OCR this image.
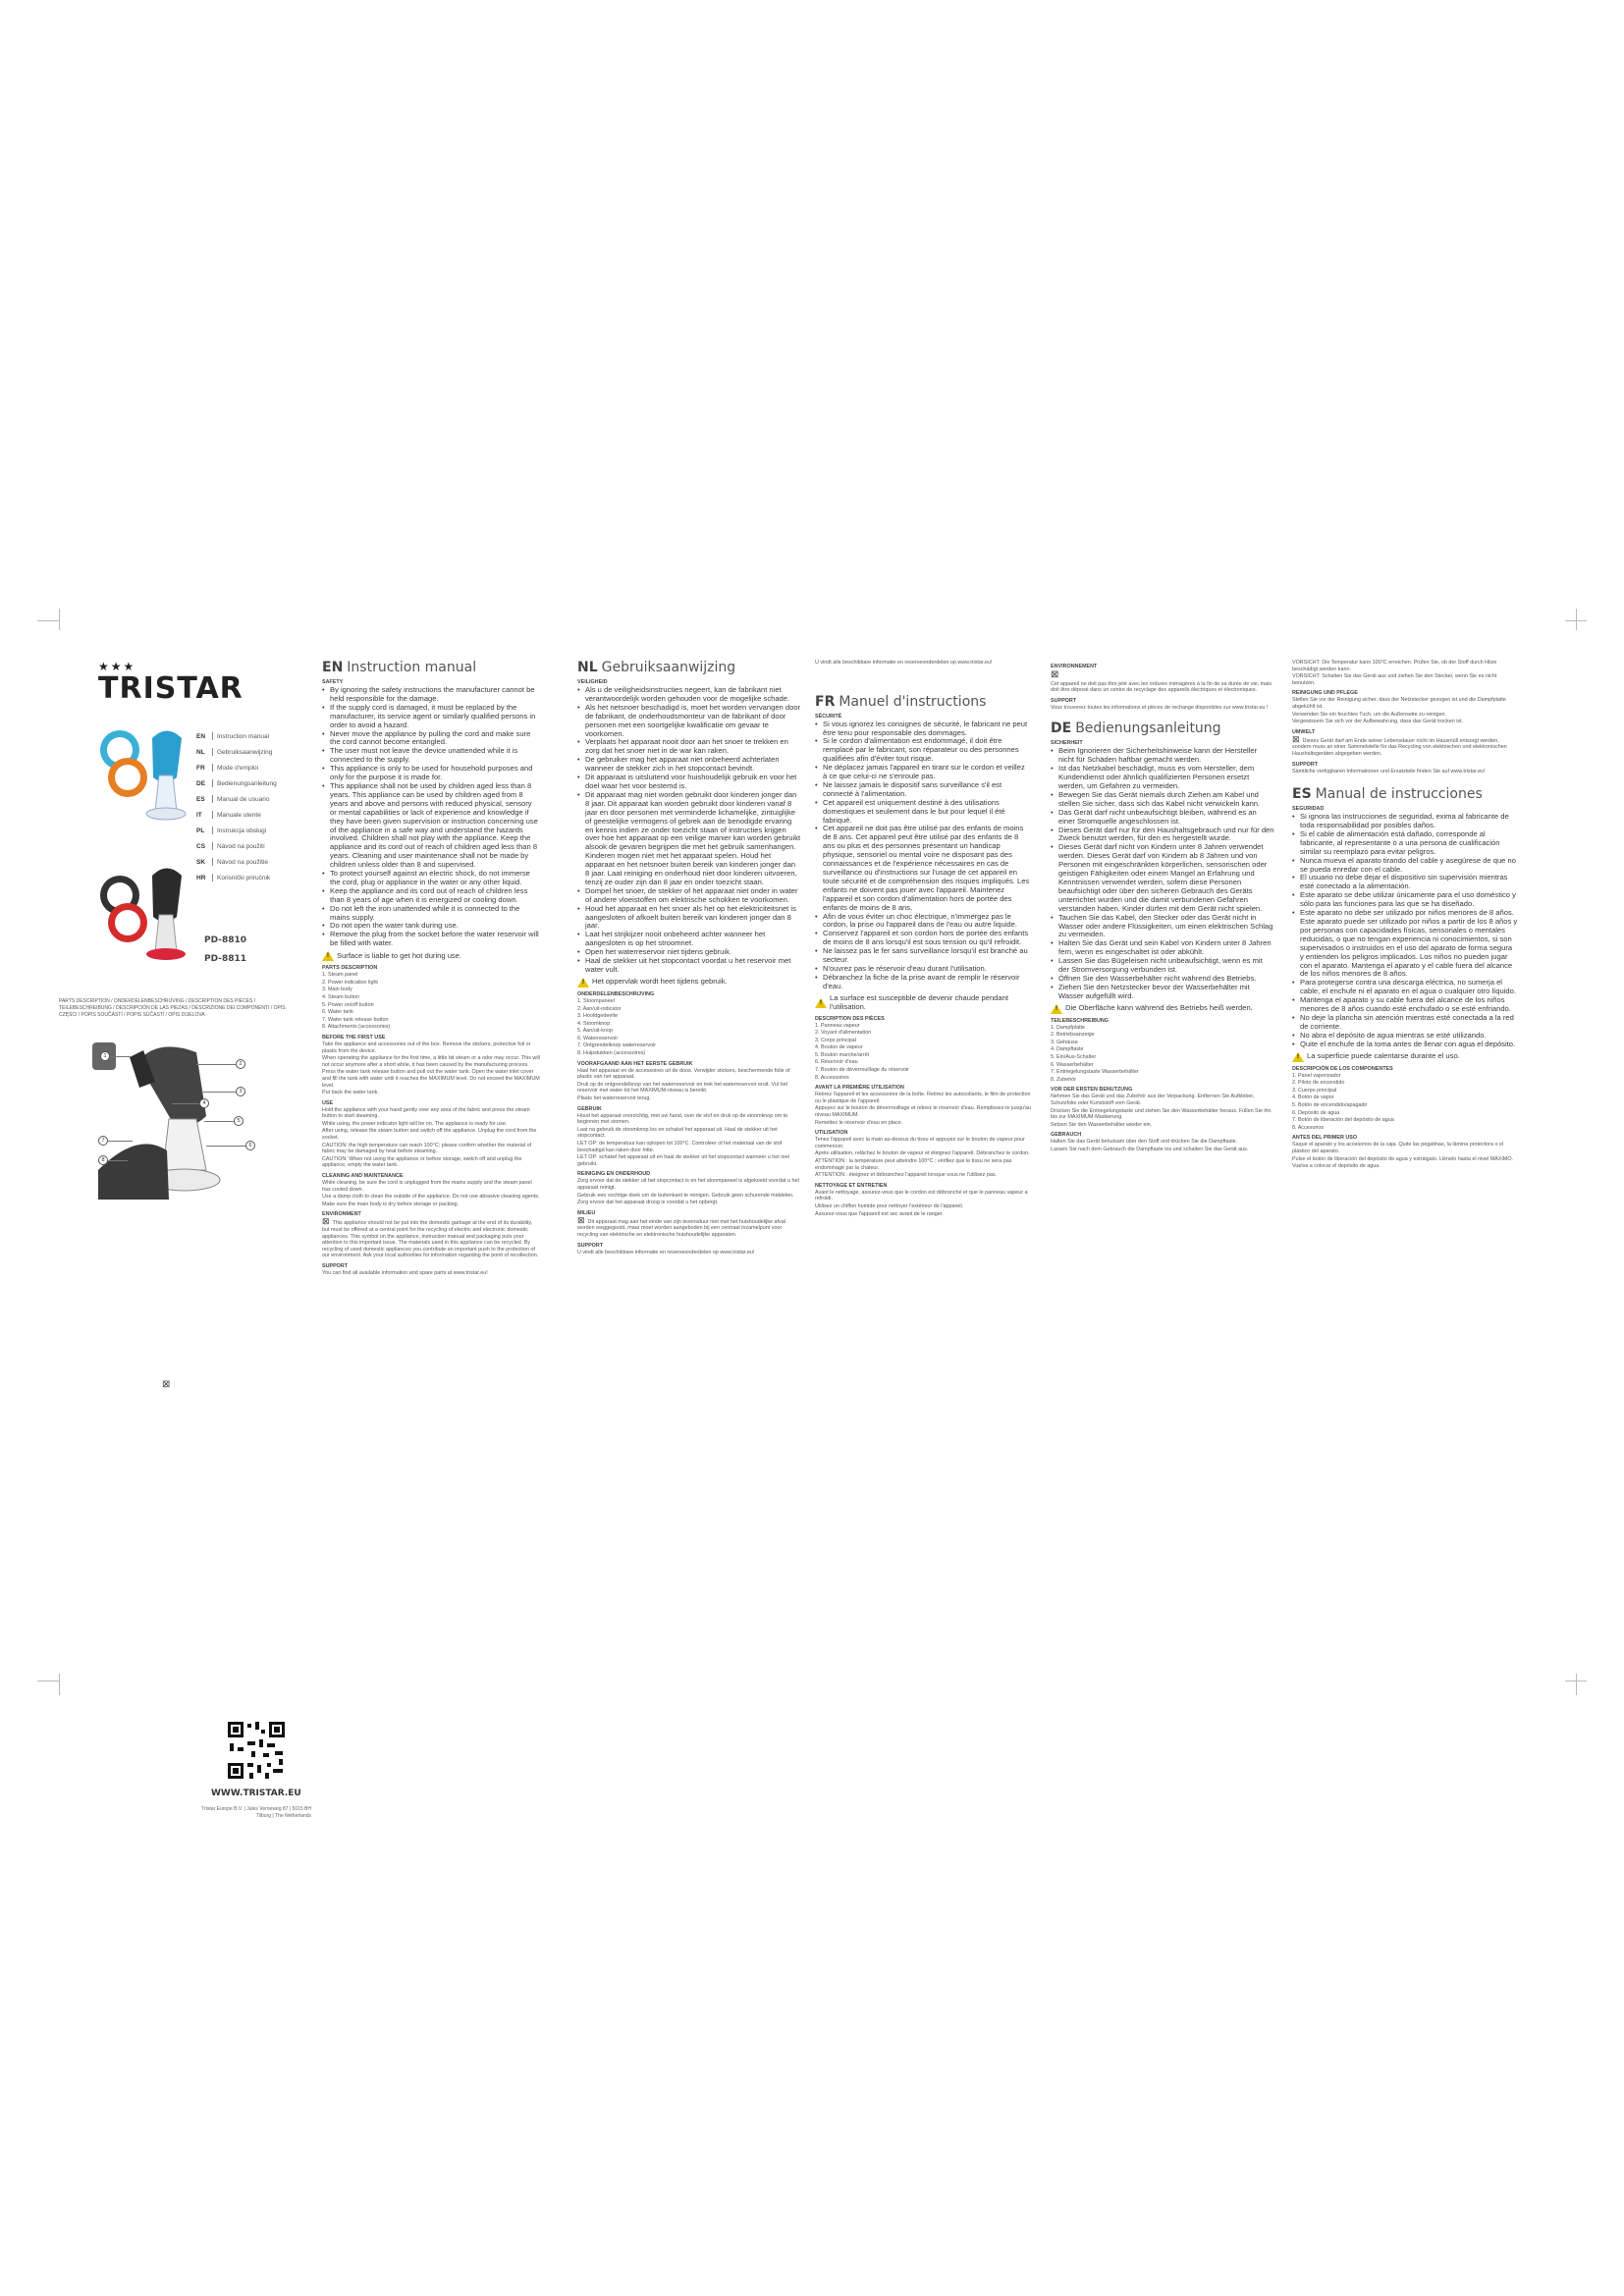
★★★
TRISTAR
EN	Instruction manual
NL	Gebruiksaanwijzing
FR	Mode d'emploi
DE	Bedienungsanleitung
ES	Manual de usuario
IT	Manuale utente
PL	Instrukcja obsługi
CS	Návod na použití
SK	Návod na použitie
HR	Korisnički priručnik
PD-8810
PD-8811
PARTS DESCRIPTION / ONDERDELENBESCHRIJVING / DESCRIPTION DES PIÈCES / TEILEBESCHREIBUNG / DESCRIPCIÓN DE LAS PIEZAS / DESCRIZIONE DEI COMPONENTI / OPIS CZĘŚCI / POPIS SOUČÁSTÍ / POPIS SÚČASTÍ / OPIS DIJELOVA
1
2
3
4
5
6
7
8
⊠
WWW.TRISTAR.EU
Tristar Europe B.V. | Jules Verneweg 87 | 5015 BH Tilburg | The Netherlands
EN Instruction manual
SAFETY
• By ignoring the safety instructions the manufacturer cannot be held responsible for the damage.
• If the supply cord is damaged, it must be replaced by the manufacturer, its service agent or similarly qualified persons in order to avoid a hazard.
• Never move the appliance by pulling the cord and make sure the cord cannot become entangled.
• The user must not leave the device unattended while it is connected to the supply.
• This appliance is only to be used for household purposes and only for the purpose it is made for.
• This appliance shall not be used by children aged less than 8 years. This appliance can be used by children aged from 8 years and above and persons with reduced physical, sensory or mental capabilities or lack of experience and knowledge if they have been given supervision or instruction concerning use of the appliance in a safe way and understand the hazards involved. Children shall not play with the appliance. Keep the appliance and its cord out of reach of children aged less than 8 years. Cleaning and user maintenance shall not be made by children unless older than 8 and supervised.
• To protect yourself against an electric shock, do not immerse the cord, plug or appliance in the water or any other liquid.
• Keep the appliance and its cord out of reach of children less than 8 years of age when it is energized or cooling down.
• Do not left the iron unattended while it is connected to the mains supply.
• Do not open the water tank during use.
• Remove the plug from the socket before the water reservoir will be filled with water.
!
Surface is liable to get hot during use.
PARTS DESCRIPTION

1. Steam panel

2. Power indication light

3. Main body

4. Steam button

5. Power on/off button

6. Water tank

7. Water tank release button

8. Attachments (accessories)

BEFORE THE FIRST USE

Take the appliance and accessories out of the box. Remove the stickers, protective foil or plastic from the device.

When operating the appliance for the first time, a little bit steam or a odor may occur. This will not occur anymore after a short while, it has been caused by the manufacturing process.

Press the water tank release button and pull out the water tank. Open the water inlet cover and fill the tank with water until it reaches the MAXIMUM level. Do not exceed the MAXIMUM level.

Put back the water tank.

USE

Hold the appliance with your hand gently over any area of the fabric and press the steam button to start steaming.

While using, the power indicator light will be on. The appliance is ready for use.

After using, release the steam button and switch off the appliance. Unplug the cord from the socket.

CAUTION: the high temperature can reach 100°C; please confirm whether the material of fabric may be damaged by heat before steaming.

CAUTION: When not using the appliance or before storage, switch off and unplug the appliance, empty the water tank.

CLEANING AND MAINTENANCE

While cleaning, be sure the cord is unplugged from the mains supply and the steam panel has cooled down.

Use a damp cloth to clean the outside of the appliance. Do not use abrasive cleaning agents.

Make sure the main body is dry before storage or packing.

ENVIRONMENT

⊠ This appliance should not be put into the domestic garbage at the end of its durability, but must be offered at a central point for the recycling of electric and electronic domestic appliances. This symbol on the appliance, instruction manual and packaging puts your attention to this important issue. The materials used in this appliance can be recycled. By recycling of used domestic appliances you contribute an important push to the protection of our environment. Ask your local authorities for information regarding the point of recollection.

SUPPORT

You can find all available information and spare parts at www.tristar.eu!

NL Gebruiksaanwijzing
VEILIGHEID
• Als u de veiligheidsinstructies negeert, kan de fabrikant niet verantwoordelijk worden gehouden voor de mogelijke schade.
• Als het netsnoer beschadigd is, moet het worden vervangen door de fabrikant, de onderhoudsmonteur van de fabrikant of door personen met een soortgelijke kwalificatie om gevaar te voorkomen.
• Verplaats het apparaat nooit door aan het snoer te trekken en zorg dat het snoer niet in de war kan raken.
• De gebruiker mag het apparaat niet onbeheerd achterlaten wanneer de stekker zich in het stopcontact bevindt.
• Dit apparaat is uitsluitend voor huishoudelijk gebruik en voor het doel waar het voor bestemd is.
• Dit apparaat mag niet worden gebruikt door kinderen jonger dan 8 jaar. Dit apparaat kan worden gebruikt door kinderen vanaf 8 jaar en door personen met verminderde lichamelijke, zintuiglijke of geestelijke vermogens of gebrek aan de benodigde ervaring en kennis indien ze onder toezicht staan of instructies krijgen over hoe het apparaat op een veilige manier kan worden gebruikt alsook de gevaren begrijpen die met het gebruik samenhangen. Kinderen mogen niet met het apparaat spelen. Houd het apparaat en het netsnoer buiten bereik van kinderen jonger dan 8 jaar. Laat reiniging en onderhoud niet door kinderen uitvoeren, tenzij ze ouder zijn dan 8 jaar en onder toezicht staan.
• Dompel het snoer, de stekker of het apparaat niet onder in water of andere vloeistoffen om elektrische schokken te voorkomen.
• Houd het apparaat en het snoer als het op het elektriciteitsnet is aangesloten of afkoelt buiten bereik van kinderen jonger dan 8 jaar.
• Laat het strijkijzer nooit onbeheerd achter wanneer het aangesloten is op het stroomnet.
• Open het waterreservoir niet tijdens gebruik.
• Haal de stekker uit het stopcontact voordat u het reservoir met water vult.
!
Het oppervlak wordt heet tijdens gebruik.
ONDERDELENBESCHRIJVING

1. Stoompaneel

2. Aan/uit-indicator

3. Hoofdgedeelte

4. Stoomknop

5. Aan/uit-knop

6. Waterreservoir

7. Ontgrendelknop waterreservoir

8. Hulpstukken (accessoires)

VOORAFGAAND AAN HET EERSTE GEBRUIK

Haal het apparaat en de accessoires uit de doos. Verwijder stickers, beschermende folie of plastic van het apparaat.

Druk op de ontgrendelknop van het waterreservoir en trek het waterreservoir eruit. Vul het reservoir met water tot het MAXIMUM-niveau is bereikt.

Plaats het waterreservoir terug.

GEBRUIK

Houd het apparaat voorzichtig, met uw hand, over de stof en druk op de stoomknop om te beginnen met stomen.

Laat na gebruik de stoomknop los en schakel het apparaat uit. Haal de stekker uit het stopcontact.

LET OP: de temperatuur kan oplopen tot 100°C. Controleer of het materiaal van de stof beschadigd kan raken door hitte.

LET OP: schakel het apparaat uit en haal de stekker uit het stopcontact wanneer u het niet gebruikt.

REINIGING EN ONDERHOUD

Zorg ervoor dat de stekker uit het stopcontact is en het stoompaneel is afgekoeld voordat u het apparaat reinigt.

Gebruik een vochtige doek om de buitenkant te reinigen. Gebruik geen schurende middelen.

Zorg ervoor dat het apparaat droog is voordat u het opbergt.

MILIEU

⊠ Dit apparaat mag aan het einde van zijn levensduur niet met het huishoudelijke afval worden weggegooid, maar moet worden aangeboden bij een centraal inzamelpunt voor recycling van elektrische en elektronische huishoudelijke apparaten.

SUPPORT

U vindt alle beschikbare informatie en reserveonderdelen op www.tristar.eu!

U vindt alle beschikbare informatie en reserveonderdelen op www.tristar.eu!

FR Manuel d'instructions
SÉCURITÉ
• Si vous ignorez les consignes de sécurité, le fabricant ne peut être tenu pour responsable des dommages.
• Si le cordon d'alimentation est endommagé, il doit être remplacé par le fabricant, son réparateur ou des personnes qualifiées afin d'éviter tout risque.
• Ne déplacez jamais l'appareil en tirant sur le cordon et veillez à ce que celui-ci ne s'enroule pas.
• Ne laissez jamais le dispositif sans surveillance s'il est connecté à l'alimentation.
• Cet appareil est uniquement destiné à des utilisations domestiques et seulement dans le but pour lequel il été fabriqué.
• Cet appareil ne doit pas être utilisé par des enfants de moins de 8 ans. Cet appareil peut être utilisé par des enfants de 8 ans ou plus et des personnes présentant un handicap physique, sensoriel ou mental voire ne disposant pas des connaissances et de l'expérience nécessaires en cas de surveillance ou d'instructions sur l'usage de cet appareil en toute sécurité et de compréhension des risques impliqués. Les enfants ne doivent pas jouer avec l'appareil. Maintenez l'appareil et son cordon d'alimentation hors de portée des enfants de moins de 8 ans.
• Afin de vous éviter un choc électrique, n'immergez pas le cordon, la prise ou l'appareil dans de l'eau ou autre liquide.
• Conservez l'appareil et son cordon hors de portée des enfants de moins de 8 ans lorsqu'il est sous tension ou qu'il refroidit.
• Ne laissez pas le fer sans surveillance lorsqu'il est branché au secteur.
• N'ouvrez pas le réservoir d'eau durant l'utilisation.
• Débranchez la fiche de la prise avant de remplir le réservoir d'eau.
!
La surface est susceptible de devenir chaude pendant l'utilisation.
DESCRIPTION DES PIÈCES

1. Panneau vapeur

2. Voyant d'alimentation

3. Corps principal

4. Bouton de vapeur

5. Bouton marche/arrêt

6. Réservoir d'eau

7. Bouton de déverrouillage du réservoir

8. Accessoires

AVANT LA PREMIÈRE UTILISATION

Retirez l'appareil et les accessoires de la boîte. Retirez les autocollants, le film de protection ou le plastique de l'appareil.

Appuyez sur le bouton de déverrouillage et retirez le réservoir d'eau. Remplissez-le jusqu'au niveau MAXIMUM.

Remettez le réservoir d'eau en place.

UTILISATION

Tenez l'appareil avec la main au-dessus du tissu et appuyez sur le bouton de vapeur pour commencer.

Après utilisation, relâchez le bouton de vapeur et éteignez l'appareil. Débranchez le cordon.

ATTENTION : la température peut atteindre 100°C ; vérifiez que le tissu ne sera pas endommagé par la chaleur.

ATTENTION : éteignez et débranchez l'appareil lorsque vous ne l'utilisez pas.

NETTOYAGE ET ENTRETIEN

Avant le nettoyage, assurez-vous que le cordon est débranché et que le panneau vapeur a refroidi.

Utilisez un chiffon humide pour nettoyer l'extérieur de l'appareil.

Assurez-vous que l'appareil est sec avant de le ranger.

ENVIRONNEMENT
⊠

Cet appareil ne doit pas être jeté avec les ordures ménagères à la fin de sa durée de vie, mais doit être déposé dans un centre de recyclage des appareils électriques et électroniques.

SUPPORT

Vous trouverez toutes les informations et pièces de rechange disponibles sur www.tristar.eu !

DE Bedienungsanleitung
SICHERHEIT
• Beim Ignorieren der Sicherheitshinweise kann der Hersteller nicht für Schäden haftbar gemacht werden.
• Ist das Netzkabel beschädigt, muss es vom Hersteller, dem Kundendienst oder ähnlich qualifizierten Personen ersetzt werden, um Gefahren zu vermeiden.
• Bewegen Sie das Gerät niemals durch Ziehen am Kabel und stellen Sie sicher, dass sich das Kabel nicht verwickeln kann.
• Das Gerät darf nicht unbeaufsichtigt bleiben, während es an einer Stromquelle angeschlossen ist.
• Dieses Gerät darf nur für den Haushaltsgebrauch und nur für den Zweck benutzt werden, für den es hergestellt wurde.
• Dieses Gerät darf nicht von Kindern unter 8 Jahren verwendet werden. Dieses Gerät darf von Kindern ab 8 Jahren und von Personen mit eingeschränkten körperlichen, sensorischen oder geistigen Fähigkeiten oder einem Mangel an Erfahrung und Kenntnissen verwendet werden, sofern diese Personen beaufsichtigt oder über den sicheren Gebrauch des Geräts unterrichtet wurden und die damit verbundenen Gefahren verstanden haben. Kinder dürfen mit dem Gerät nicht spielen.
• Tauchen Sie das Kabel, den Stecker oder das Gerät nicht in Wasser oder andere Flüssigkeiten, um einen elektrischen Schlag zu vermeiden.
• Halten Sie das Gerät und sein Kabel von Kindern unter 8 Jahren fern, wenn es eingeschaltet ist oder abkühlt.
• Lassen Sie das Bügeleisen nicht unbeaufsichtigt, wenn es mit der Stromversorgung verbunden ist.
• Öffnen Sie den Wasserbehälter nicht während des Betriebs.
• Ziehen Sie den Netzstecker bevor der Wasserbehälter mit Wasser aufgefüllt wird.
!
Die Oberfläche kann während des Betriebs heiß werden.
TEILEBESCHREIBUNG

1. Dampfplatte

2. Betriebsanzeige

3. Gehäuse

4. Dampftaste

5. Ein/Aus-Schalter

6. Wasserbehälter

7. Entriegelungstaste Wasserbehälter

8. Zubehör

VOR DER ERSTEN BENUTZUNG

Nehmen Sie das Gerät und das Zubehör aus der Verpackung. Entfernen Sie Aufkleber, Schutzfolie oder Kunststoff vom Gerät.

Drücken Sie die Entriegelungstaste und ziehen Sie den Wasserbehälter heraus. Füllen Sie ihn bis zur MAXIMUM-Markierung.

Setzen Sie den Wasserbehälter wieder ein.

GEBRAUCH

Halten Sie das Gerät behutsam über den Stoff und drücken Sie die Dampftaste.

Lassen Sie nach dem Gebrauch die Dampftaste los und schalten Sie das Gerät aus.

VORSICHT: Die Temperatur kann 100°C erreichen. Prüfen Sie, ob der Stoff durch Hitze beschädigt werden kann.

VORSICHT: Schalten Sie das Gerät aus und ziehen Sie den Stecker, wenn Sie es nicht benutzen.

REINIGUNG UND PFLEGE

Stellen Sie vor der Reinigung sicher, dass der Netzstecker gezogen ist und die Dampfplatte abgekühlt ist.

Verwenden Sie ein feuchtes Tuch, um die Außenseite zu reinigen.

Vergewissern Sie sich vor der Aufbewahrung, dass das Gerät trocken ist.

UMWELT

⊠ Dieses Gerät darf am Ende seiner Lebensdauer nicht im Hausmüll entsorgt werden, sondern muss an einer Sammelstelle für das Recycling von elektrischen und elektronischen Haushaltsgeräten abgegeben werden.

SUPPORT

Sämtliche verfügbaren Informationen und Ersatzteile finden Sie auf www.tristar.eu!

ES Manual de instrucciones
SEGURIDAD
• Si ignora las instrucciones de seguridad, exima al fabricante de toda responsabilidad por posibles daños.
• Si el cable de alimentación está dañado, corresponde al fabricante, al representante o a una persona de cualificación similar su reemplazo para evitar peligros.
• Nunca mueva el aparato tirando del cable y asegúrese de que no se pueda enredar con el cable.
• El usuario no debe dejar el dispositivo sin supervisión mientras esté conectado a la alimentación.
• Este aparato se debe utilizar únicamente para el uso doméstico y sólo para las funciones para las que se ha diseñado.
• Este aparato no debe ser utilizado por niños menores de 8 años. Este aparato puede ser utilizado por niños a partir de los 8 años y por personas con capacidades físicas, sensoriales o mentales reducidas, o que no tengan experiencia ni conocimientos, si son supervisados o instruidos en el uso del aparato de forma segura y entienden los peligros implicados. Los niños no pueden jugar con el aparato. Mantenga el aparato y el cable fuera del alcance de los niños menores de 8 años.
• Para protegerse contra una descarga eléctrica, no sumerja el cable, el enchufe ni el aparato en el agua o cualquier otro líquido.
• Mantenga el aparato y su cable fuera del alcance de los niños menores de 8 años cuando esté enchufado o se esté enfriando.
• No deje la plancha sin atención mientras esté conectada a la red de corriente.
• No abra el depósito de agua mientras se esté utilizando.
• Quite el enchufe de la toma antes de llenar con agua el depósito.
!
La superficie puede calentarse durante el uso.
DESCRIPCIÓN DE LOS COMPONENTES

1. Panel vaporizador

2. Piloto de encendido

3. Cuerpo principal

4. Botón de vapor

5. Botón de encendido/apagado

6. Depósito de agua

7. Botón de liberación del depósito de agua

8. Accesorios

ANTES DEL PRIMER USO

Saque el aparato y los accesorios de la caja. Quite las pegatinas, la lámina protectora o el plástico del aparato.

Pulse el botón de liberación del depósito de agua y extráigalo. Llénelo hasta el nivel MÁXIMO.

Vuelva a colocar el depósito de agua.
